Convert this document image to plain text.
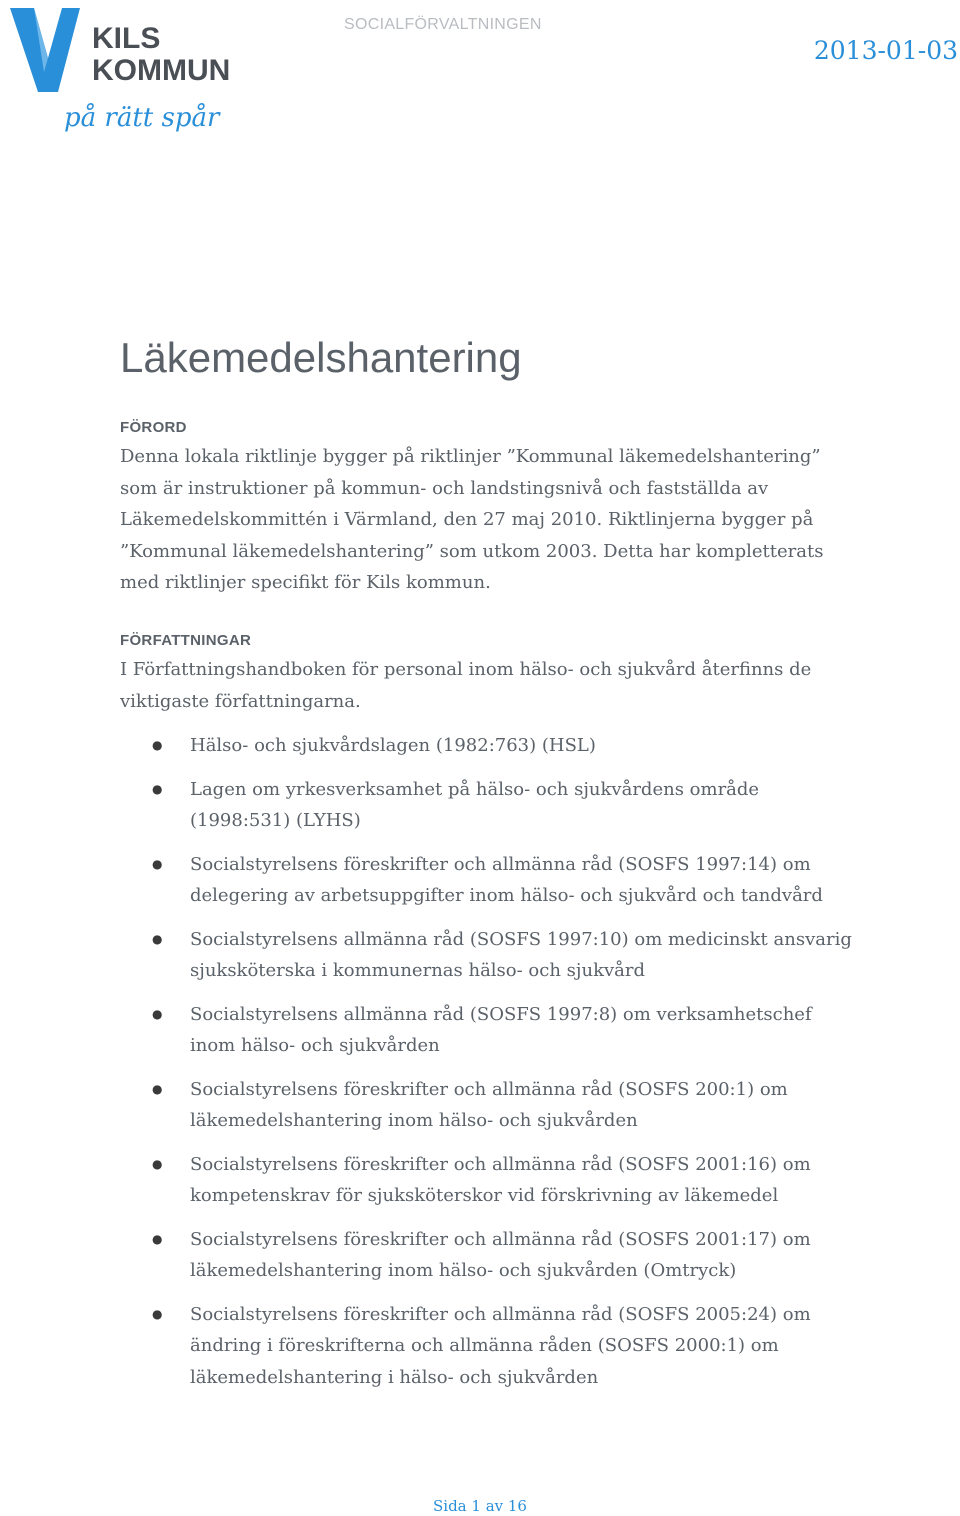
KILS
KOMMUN
på rätt spår
SOCIALFÖRVALTNINGEN
2013-01-03
Läkemedelshantering
FÖRORD

Denna lokala riktlinje bygger på riktlinjer ”Kommunal läkemedelshantering” som är instruktioner på kommun- och landstingsnivå och fastställda av Läkemedelskommittén i Värmland, den 27 maj 2010. Riktlinjerna bygger på ”Kommunal läkemedelshantering” som utkom 2003. Detta har kompletterats med riktlinjer specifikt för Kils kommun.

FÖRFATTNINGAR

I Författningshandboken för personal inom hälso- och sjukvård återfinns de viktigaste författningarna.

● Hälso- och sjukvårdslagen (1982:763) (HSL)
● Lagen om yrkesverksamhet på hälso- och sjukvårdens område (1998:531) (LYHS)
● Socialstyrelsens föreskrifter och allmänna råd (SOSFS 1997:14) om delegering av arbetsuppgifter inom hälso- och sjukvård och tandvård
● Socialstyrelsens allmänna råd (SOSFS 1997:10) om medicinskt ansvarig sjuksköterska i kommunernas hälso- och sjukvård
● Socialstyrelsens allmänna råd (SOSFS 1997:8) om verksamhetschef inom hälso- och sjukvården
● Socialstyrelsens föreskrifter och allmänna råd (SOSFS 200:1) om läkemedelshantering inom hälso- och sjukvården
● Socialstyrelsens föreskrifter och allmänna råd (SOSFS 2001:16) om kompetenskrav för sjuksköterskor vid förskrivning av läkemedel
● Socialstyrelsens föreskrifter och allmänna råd (SOSFS 2001:17) om läkemedelshantering inom hälso- och sjukvården (Omtryck)
● Socialstyrelsens föreskrifter och allmänna råd (SOSFS 2005:24) om ändring i föreskrifterna och allmänna råden (SOSFS 2000:1) om läkemedelshantering i hälso- och sjukvården
Sida 1 av 16
